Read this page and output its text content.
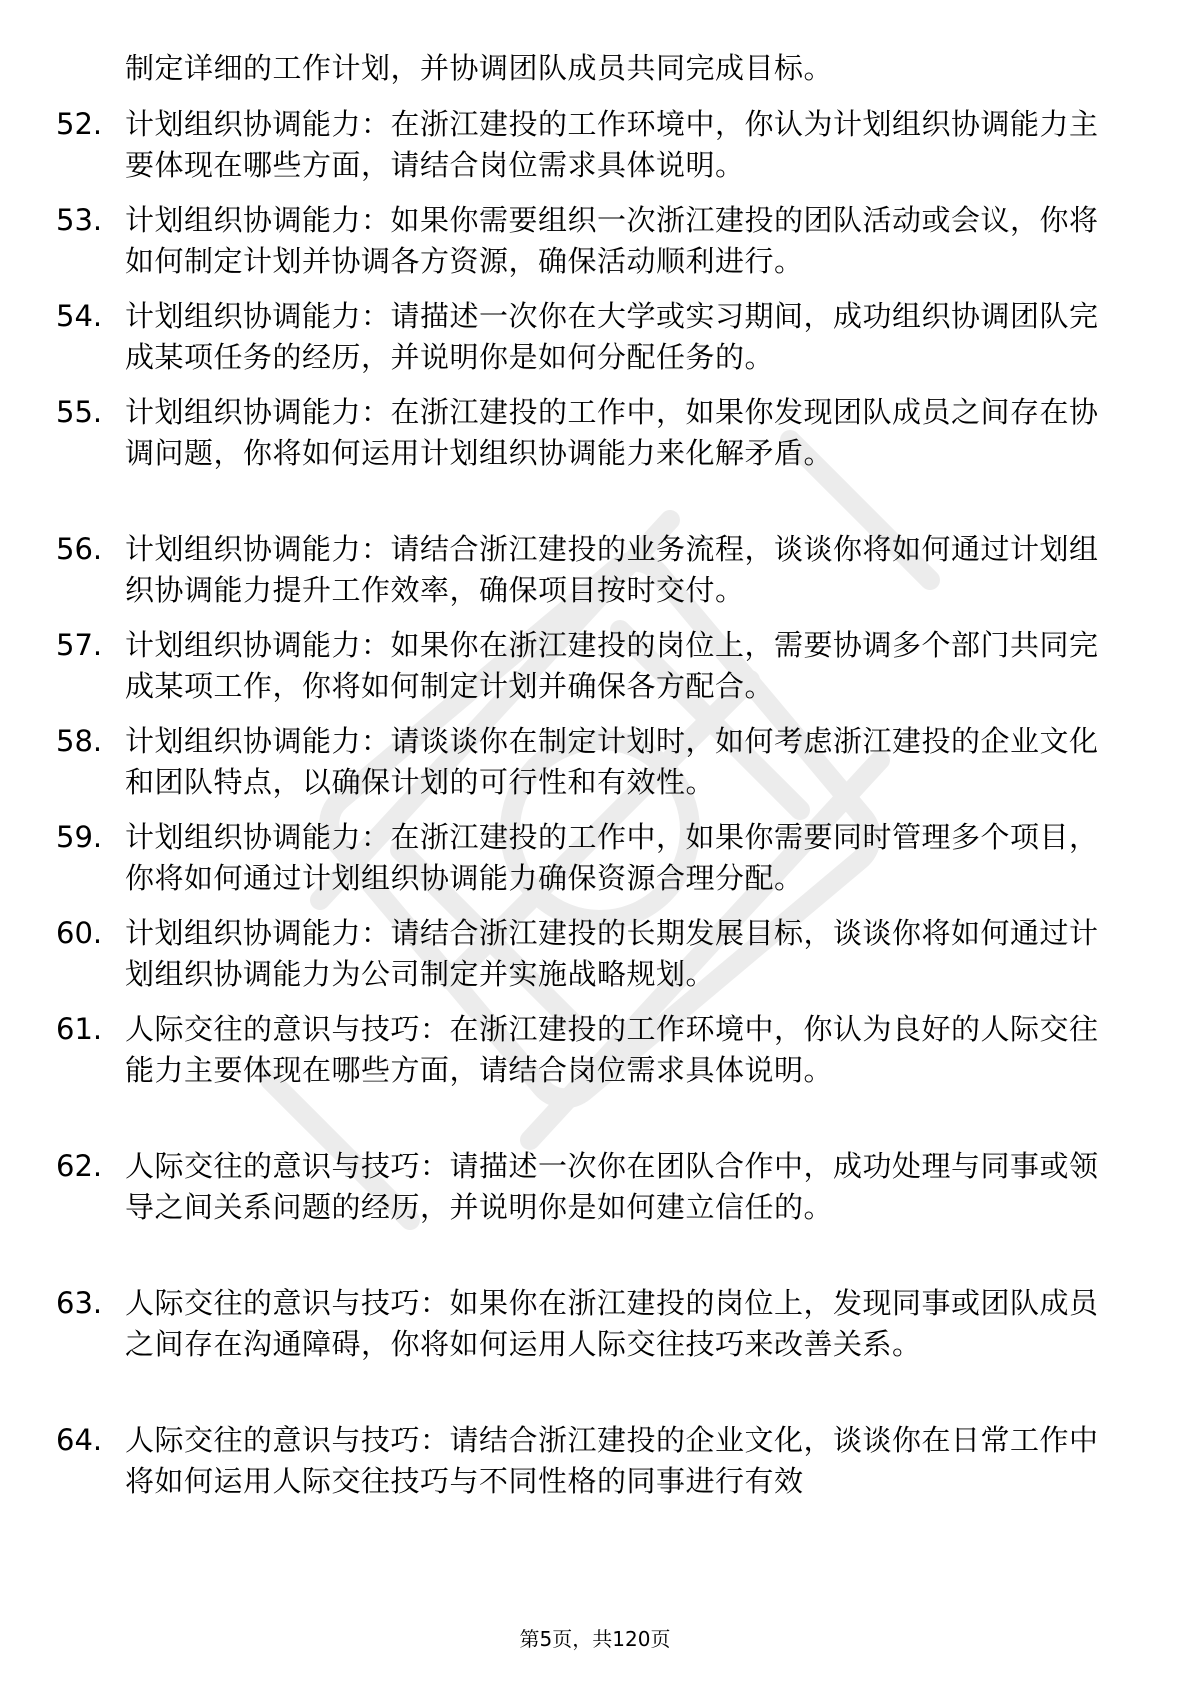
制定详细的工作计划，并协调团队成员共同完成目标。
52. 计划组织协调能力：在浙江建投的工作环境中，你认为计划组织协调能力主要体现在哪些方面，请结合岗位需求具体说明。
53. 计划组织协调能力：如果你需要组织一次浙江建投的团队活动或会议，你将如何制定计划并协调各方资源，确保活动顺利进行。
54. 计划组织协调能力：请描述一次你在大学或实习期间，成功组织协调团队完成某项任务的经历，并说明你是如何分配任务的。
55. 计划组织协调能力：在浙江建投的工作中，如果你发现团队成员之间存在协调问题，你将如何运用计划组织协调能力来化解矛盾。
56. 计划组织协调能力：请结合浙江建投的业务流程，谈谈你将如何通过计划组织协调能力提升工作效率，确保项目按时交付。
57. 计划组织协调能力：如果你在浙江建投的岗位上，需要协调多个部门共同完成某项工作，你将如何制定计划并确保各方配合。
58. 计划组织协调能力：请谈谈你在制定计划时，如何考虑浙江建投的企业文化和团队特点，以确保计划的可行性和有效性。
59. 计划组织协调能力：在浙江建投的工作中，如果你需要同时管理多个项目，你将如何通过计划组织协调能力确保资源合理分配。
60. 计划组织协调能力：请结合浙江建投的长期发展目标，谈谈你将如何通过计划组织协调能力为公司制定并实施战略规划。
61. 人际交往的意识与技巧：在浙江建投的工作环境中，你认为良好的人际交往能力主要体现在哪些方面，请结合岗位需求具体说明。
62. 人际交往的意识与技巧：请描述一次你在团队合作中，成功处理与同事或领导之间关系问题的经历，并说明你是如何建立信任的。
63. 人际交往的意识与技巧：如果你在浙江建投的岗位上，发现同事或团队成员之间存在沟通障碍，你将如何运用人际交往技巧来改善关系。
64. 人际交往的意识与技巧：请结合浙江建投的企业文化，谈谈你在日常工作中将如何运用人际交往技巧与不同性格的同事进行有效
第5页，共120页
